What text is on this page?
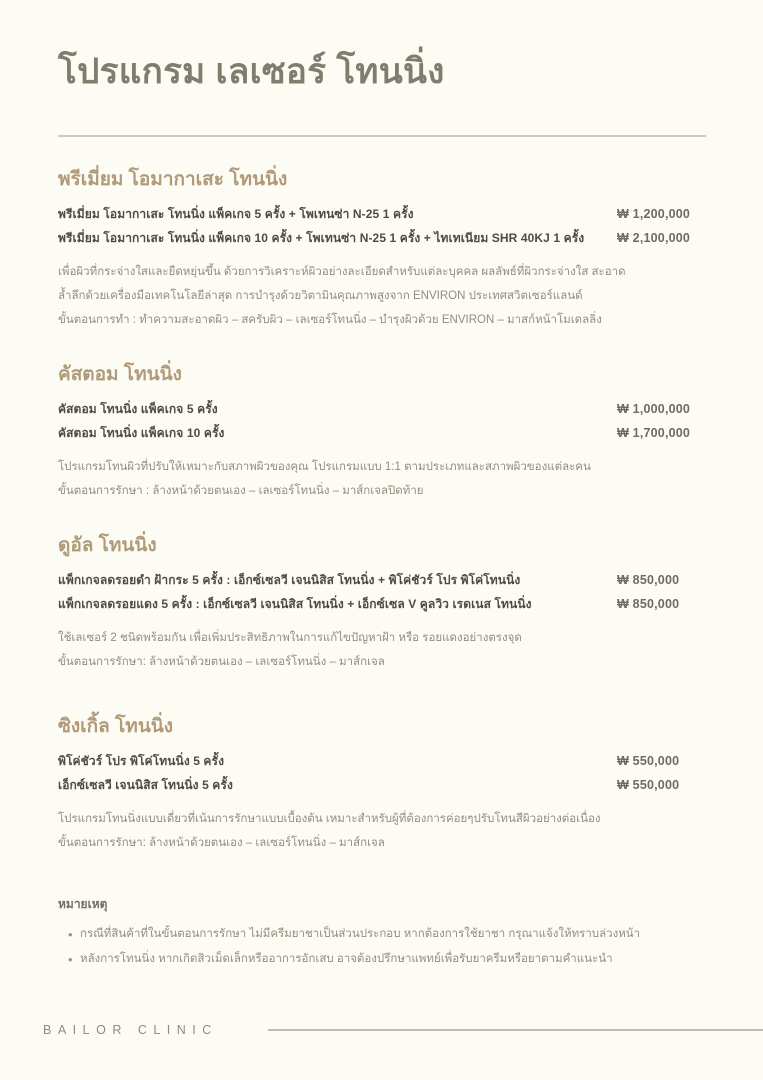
โปรแกรม เลเซอร์ โทนนิ่ง
พรีเมี่ยม โอมากาเสะ โทนนิ่ง
พรีเมี่ยม โอมากาเสะ โทนนิ่ง แพ็คเกจ 5 ครั้ง + โพเทนซ่า N-25 1 ครั้ง	₩ 1,200,000
พรีเมี่ยม โอมากาเสะ โทนนิ่ง แพ็คเกจ 10 ครั้ง + โพเทนซ่า N-25 1 ครั้ง + ไทเทเนียม SHR 40KJ 1 ครั้ง	₩ 2,100,000
เพื่อผิวที่กระจ่างใสและยืดหยุ่นขึ้น ด้วยการวิเคราะห์ผิวอย่างละเอียดสำหรับแต่ละบุคคล ผลลัพธ์ที่ผิวกระจ่างใส สะอาด
ล้ำลึกด้วยเครื่องมือเทคโนโลยีล่าสุด การบำรุงด้วยวิตามินคุณภาพสูงจาก ENVIRON ประเทศสวิตเซอร์แลนด์
ขั้นตอนการทำ : ทำความสะอาดผิว – สครับผิว – เลเซอร์โทนนิ่ง – บำรุงผิวด้วย ENVIRON – มาสก์หน้าโมเดลลิ่ง
คัสตอม โทนนิ่ง
คัสตอม โทนนิ่ง แพ็คเกจ 5 ครั้ง	₩ 1,000,000
คัสตอม โทนนิ่ง แพ็คเกจ 10 ครั้ง	₩ 1,700,000
โปรแกรมโทนผิวที่ปรับให้เหมาะกับสภาพผิวของคุณ โปรแกรมแบบ 1:1 ตามประเภทและสภาพผิวของแต่ละคน
ขั้นตอนการรักษา : ล้างหน้าด้วยตนเอง – เลเซอร์โทนนิ่ง – มาส์กเจลปิดท้าย
ดูอัล โทนนิ่ง
แพ็กเกจลดรอยดำ ฝ้ากระ 5 ครั้ง : เอ็กซ์เซลวี เจนนิสิส โทนนิ่ง + พิโค่ชัวร์ โปร พิโค่โทนนิ่ง	₩ 850,000
แพ็กเกจลดรอยแดง 5 ครั้ง : เอ็กซ์เซลวี เจนนิสิส โทนนิ่ง + เอ็กซ์เซล V คูลวิว เรดเนส โทนนิ่ง	₩ 850,000
ใช้เลเซอร์ 2 ชนิดพร้อมกัน เพื่อเพิ่มประสิทธิภาพในการแก้ไขปัญหาฝ้า หรือ รอยแดงอย่างตรงจุด
ขั้นตอนการรักษา: ล้างหน้าด้วยตนเอง – เลเซอร์โทนนิ่ง – มาส์กเจล
ซิงเกิ้ล โทนนิ่ง
พิโค่ชัวร์ โปร พิโค่โทนนิ่ง 5 ครั้ง	₩ 550,000
เอ็กซ์เซลวี เจนนิสิส โทนนิ่ง 5 ครั้ง	₩ 550,000
โปรแกรมโทนนิ่งแบบเดี่ยวที่เน้นการรักษาแบบเบื้องต้น เหมาะสำหรับผู้ที่ต้องการค่อยๆปรับโทนสีผิวอย่างต่อเนื่อง
ขั้นตอนการรักษา: ล้างหน้าด้วยตนเอง – เลเซอร์โทนนิ่ง – มาส์กเจล
หมายเหตุ
• กรณีที่สินค้าที่ในขั้นตอนการรักษา ไม่มีครีมยาชาเป็นส่วนประกอบ หากต้องการใช้ยาชา กรุณาแจ้งให้ทราบล่วงหน้า
• หลังการโทนนิ่ง หากเกิดสิวเม็ดเล็กหรืออาการอักเสบ อาจต้องปรึกษาแพทย์เพื่อรับยาครีมหรือยาตามคำแนะนำ
BAILOR CLINIC
